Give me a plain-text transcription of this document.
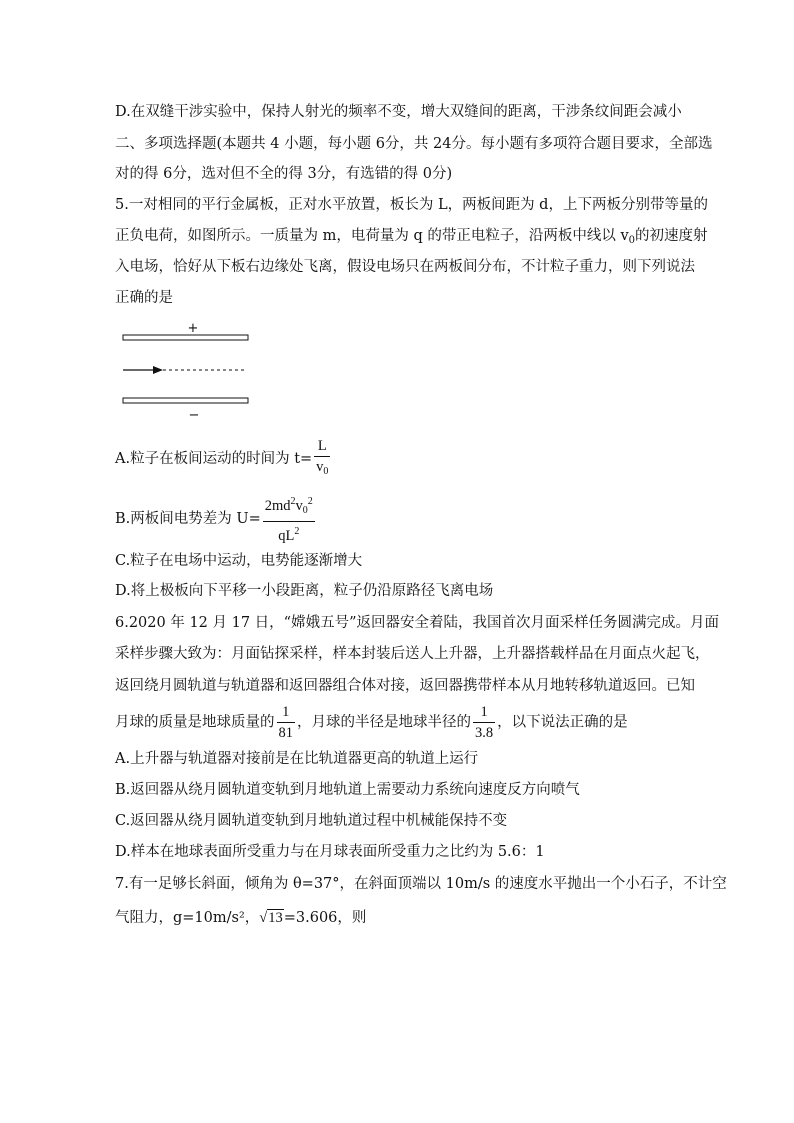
D.在双缝干涉实验中，保持人射光的频率不变，增大双缝间的距离，干涉条纹间距会减小
二、多项选择题(本题共 4 小题，每小题 6分，共 24分。每小题有多项符合题目要求，全部选
对的得 6分，选对但不全的得 3分，有选错的得 0分)
5.一对相同的平行金属板，正对水平放置，板长为 L，两板间距为 d，上下两板分别带等量的
正负电荷，如图所示。一质量为 m，电荷量为 q 的带正电粒子，沿两板中线以 $v_0$的初速度射
入电场，恰好从下板右边缘处飞离，假设电场只在两板间分布，不计粒子重力，则下列说法
正确的是
+
−
A.粒子在板间运动的时间为 $t= \frac{L}{v_0}$
B.两板间电势差为 $U= \frac{2md^2v_0^2}{qL^2}$
C.粒子在电场中运动，电势能逐渐增大
D.将上极板向下平移一小段距离，粒子仍沿原路径飞离电场
6.2020 年 12 月 17 日，“嫦娥五号”返回器安全着陆，我国首次月面采样任务圆满完成。月面
采样步骤大致为：月面钻探采样，样本封装后送人上升器，上升器搭载样品在月面点火起飞，
返回绕月圆轨道与轨道器和返回器组合体对接，返回器携带样本从月地转移轨道返回。已知
月球的质量是地球质量的 $\frac{1}{81}$ ，月球的半径是地球半径的 $\frac{1}{3.8}$ ，以下说法正确的是
A.上升器与轨道器对接前是在比轨道器更高的轨道上运行
B.返回器从绕月圆轨道变轨到月地轨道上需要动力系统向速度反方向喷气
C.返回器从绕月圆轨道变轨到月地轨道过程中机械能保持不变
D.样本在地球表面所受重力与在月球表面所受重力之比约为 5.6：1
7.有一足够长斜面，倾角为 θ=37°，在斜面顶端以 10m/s 的速度水平抛出一个小石子，不计空
气阻力，g=10m/s²，√13=3.606，则
